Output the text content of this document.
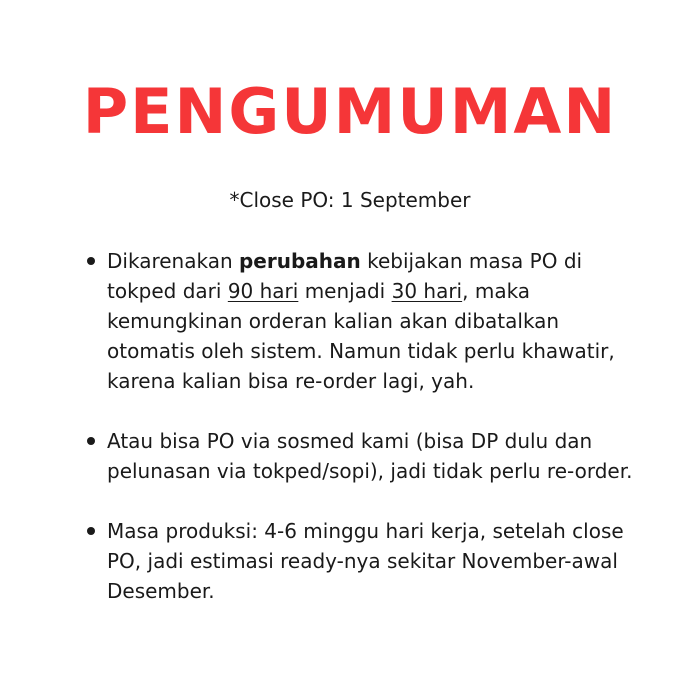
PENGUMUMAN

*Close PO: 1 September

Dikarenakan perubahan kebijakan masa PO di tokped dari 90 hari menjadi 30 hari, maka kemungkinan orderan kalian akan dibatalkan otomatis oleh sistem. Namun tidak perlu khawatir, karena kalian bisa re-order lagi, yah.
Atau bisa PO via sosmed kami (bisa DP dulu dan pelunasan via tokped/sopi), jadi tidak perlu re-order.
Masa produksi: 4-6 minggu hari kerja, setelah close PO, jadi estimasi ready-nya sekitar November-awal Desember.
